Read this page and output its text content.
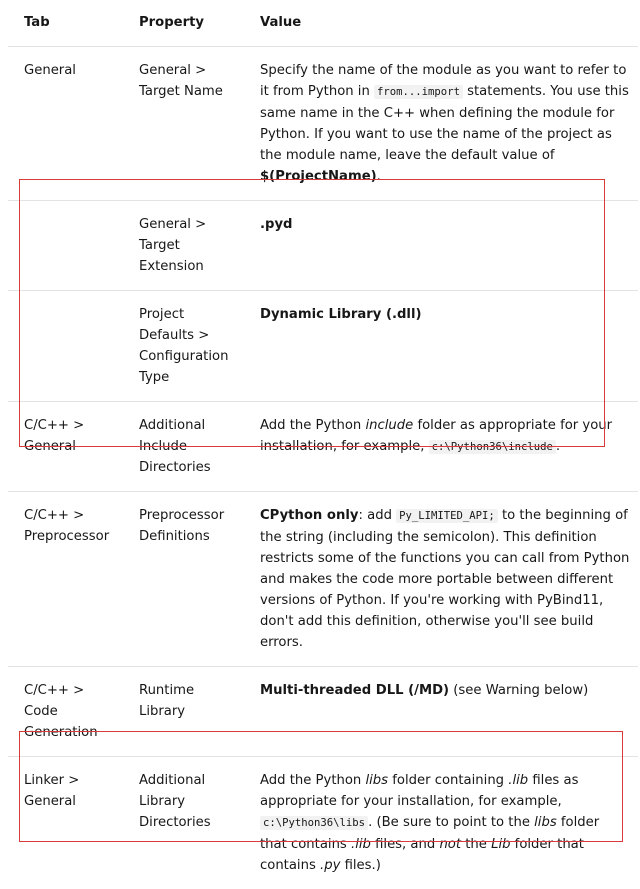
Tab	Property	Value
General	General > Target Name	Specify the name of the module as you want to refer to it from Python in from...import statements. You use this same name in the C++ when defining the module for Python. If you want to use the name of the project as the module name, leave the default value of $(ProjectName).
	General > Target Extension	.pyd
	Project Defaults > Configuration Type	Dynamic Library (.dll)
C/C++ > General	Additional Include Directories	Add the Python include folder as appropriate for your installation, for example, c:\Python36\include .
C/C++ > Preprocessor	Preprocessor Definitions	CPython only: add Py_LIMITED_API; to the beginning of the string (including the semicolon). This definition restricts some of the functions you can call from Python and makes the code more portable between different versions of Python. If you're working with PyBind11, don't add this definition, otherwise you'll see build errors.
C/C++ > Code Generation	Runtime Library	Multi-threaded DLL (/MD) (see Warning below)
Linker > General	Additional Library Directories	Add the Python libs folder containing .lib files as appropriate for your installation, for example, c:\Python36\libs . (Be sure to point to the libs folder that contains .lib files, and not the Lib folder that contains .py files.)
